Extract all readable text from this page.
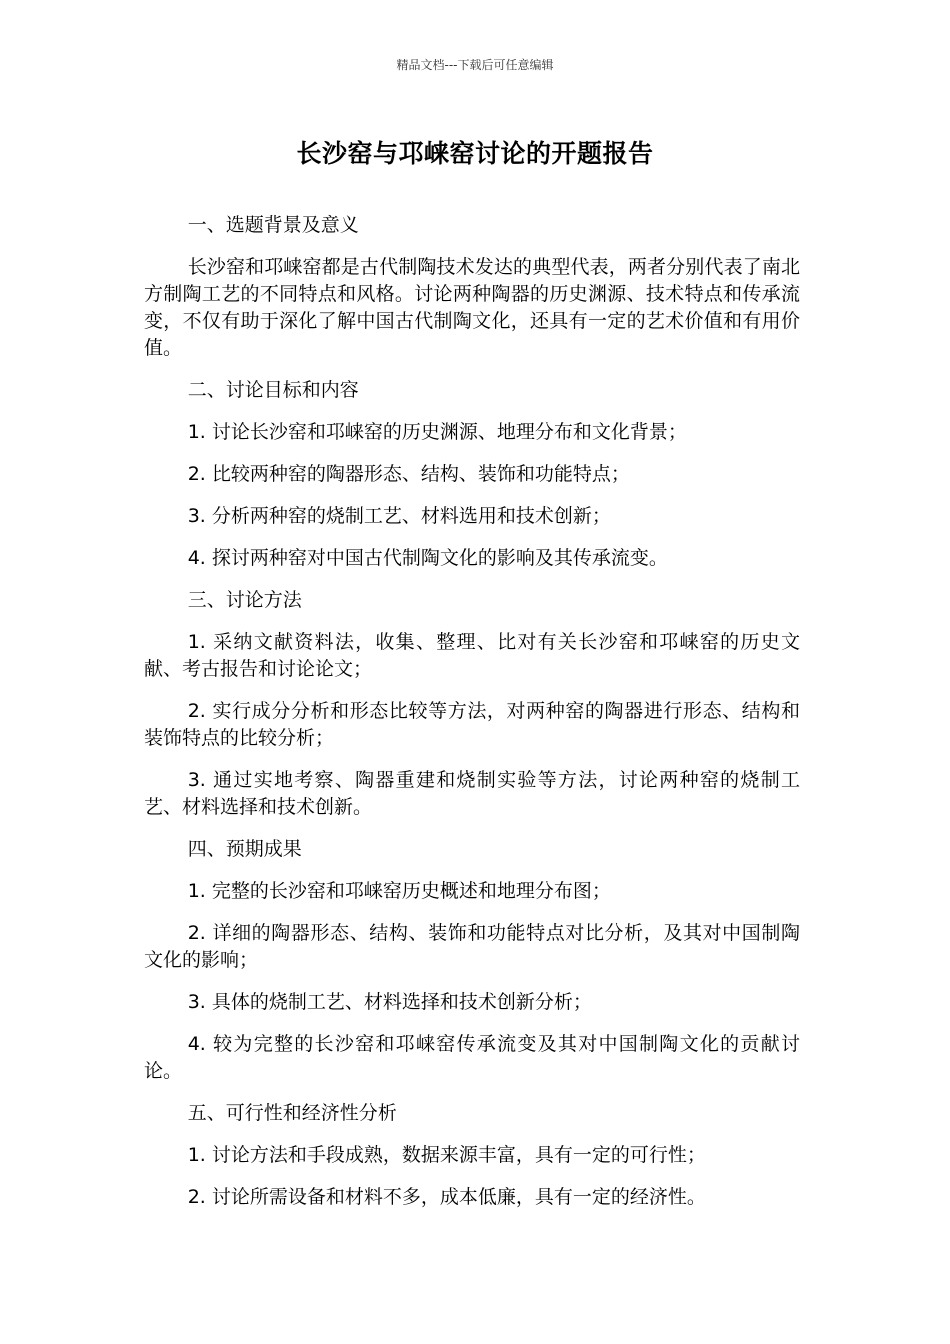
精品文档---下载后可任意编辑
长沙窑与邛崃窑讨论的开题报告

一、选题背景及意义

长沙窑和邛崃窑都是古代制陶技术发达的典型代表，两者分别代表了南北方制陶工艺的不同特点和风格。讨论两种陶器的历史渊源、技术特点和传承流变，不仅有助于深化了解中国古代制陶文化，还具有一定的艺术价值和有用价值。

二、讨论目标和内容

1. 讨论长沙窑和邛崃窑的历史渊源、地理分布和文化背景；

2. 比较两种窑的陶器形态、结构、装饰和功能特点；

3. 分析两种窑的烧制工艺、材料选用和技术创新；

4. 探讨两种窑对中国古代制陶文化的影响及其传承流变。

三、讨论方法

1. 采纳文献资料法，收集、整理、比对有关长沙窑和邛崃窑的历史文献、考古报告和讨论论文；

2. 实行成分分析和形态比较等方法，对两种窑的陶器进行形态、结构和装饰特点的比较分析；

3. 通过实地考察、陶器重建和烧制实验等方法，讨论两种窑的烧制工艺、材料选择和技术创新。

四、预期成果

1. 完整的长沙窑和邛崃窑历史概述和地理分布图；

2. 详细的陶器形态、结构、装饰和功能特点对比分析，及其对中国制陶文化的影响；

3. 具体的烧制工艺、材料选择和技术创新分析；

4. 较为完整的长沙窑和邛崃窑传承流变及其对中国制陶文化的贡献讨论。

五、可行性和经济性分析

1. 讨论方法和手段成熟，数据来源丰富，具有一定的可行性；

2. 讨论所需设备和材料不多，成本低廉，具有一定的经济性。
